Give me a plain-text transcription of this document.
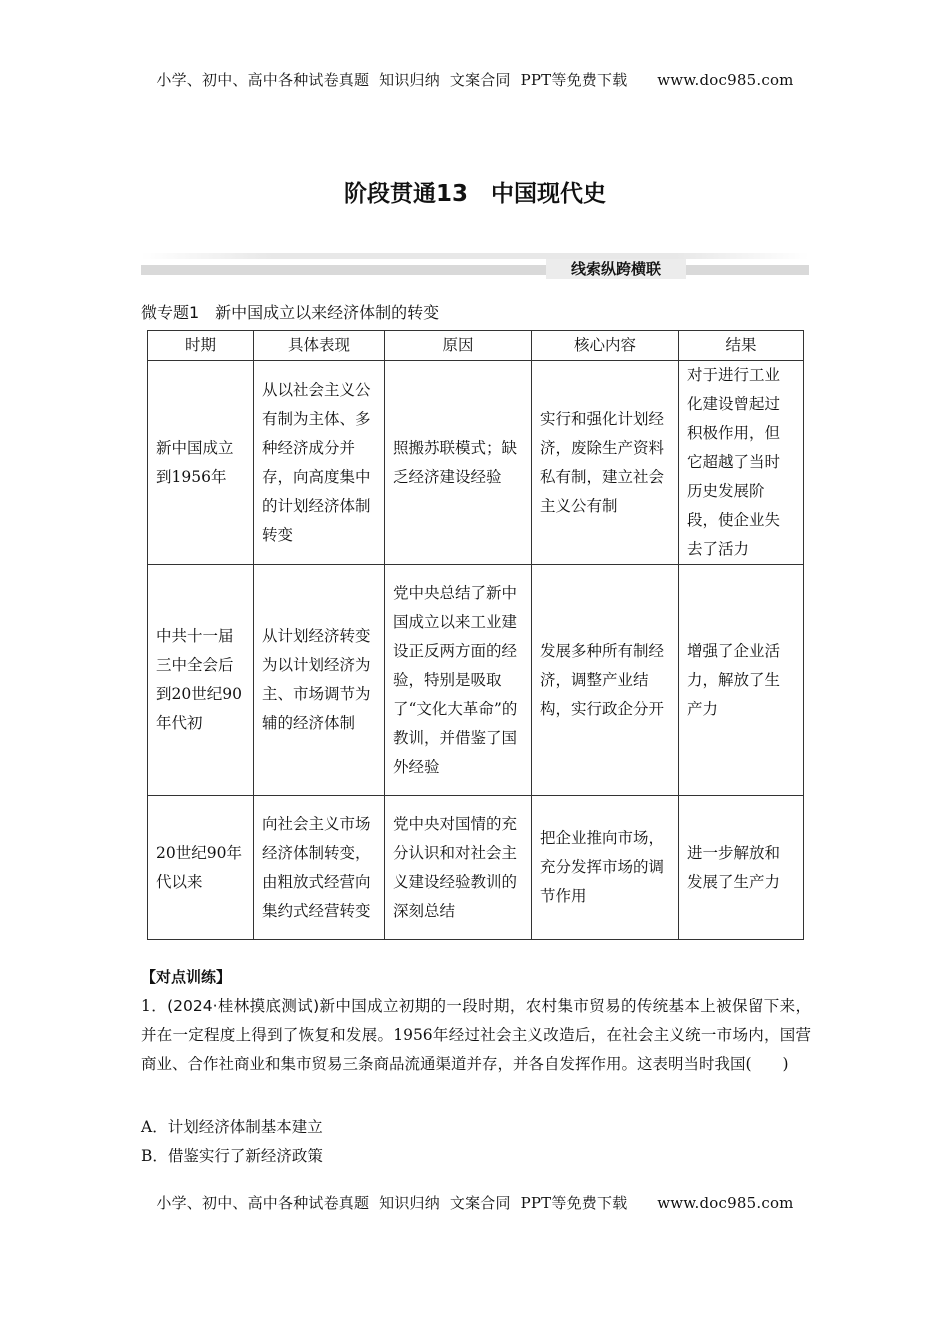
小学、初中、高中各种试卷真题  知识归纳  文案合同  PPT等免费下载      www.doc985.com
阶段贯通13　中国现代史
线索纵跨横联
微专题1　新中国成立以来经济体制的转变
时期	具体表现	原因	核心内容	结果
新中国成立到1956年	从以社会主义公有制为主体、多种经济成分并存，向高度集中的计划经济体制转变	照搬苏联模式；缺乏经济建设经验	实行和强化计划经济，废除生产资料私有制，建立社会主义公有制	对于进行工业化建设曾起过积极作用，但它超越了当时历史发展阶段，使企业失去了活力
中共十一届三中全会后到20世纪90年代初	从计划经济转变为以计划经济为主、市场调节为辅的经济体制	党中央总结了新中国成立以来工业建设正反两方面的经验，特别是吸取了“文化大革命”的教训，并借鉴了国外经验	发展多种所有制经济，调整产业结构，实行政企分开	增强了企业活力，解放了生产力
20世纪90年代以来	向社会主义市场经济体制转变，由粗放式经营向集约式经营转变	党中央对国情的充分认识和对社会主义建设经验教训的深刻总结	把企业推向市场，充分发挥市场的调节作用	进一步解放和发展了生产力
【对点训练】
1．(2024·桂林摸底测试)新中国成立初期的一段时期，农村集市贸易的传统基本上被保留下来，并在一定程度上得到了恢复和发展。1956年经过社会主义改造后，在社会主义统一市场内，国营商业、合作社商业和集市贸易三条商品流通渠道并存，并各自发挥作用。这表明当时我国(　　)
A．计划经济体制基本建立
B．借鉴实行了新经济政策
小学、初中、高中各种试卷真题  知识归纳  文案合同  PPT等免费下载      www.doc985.com
